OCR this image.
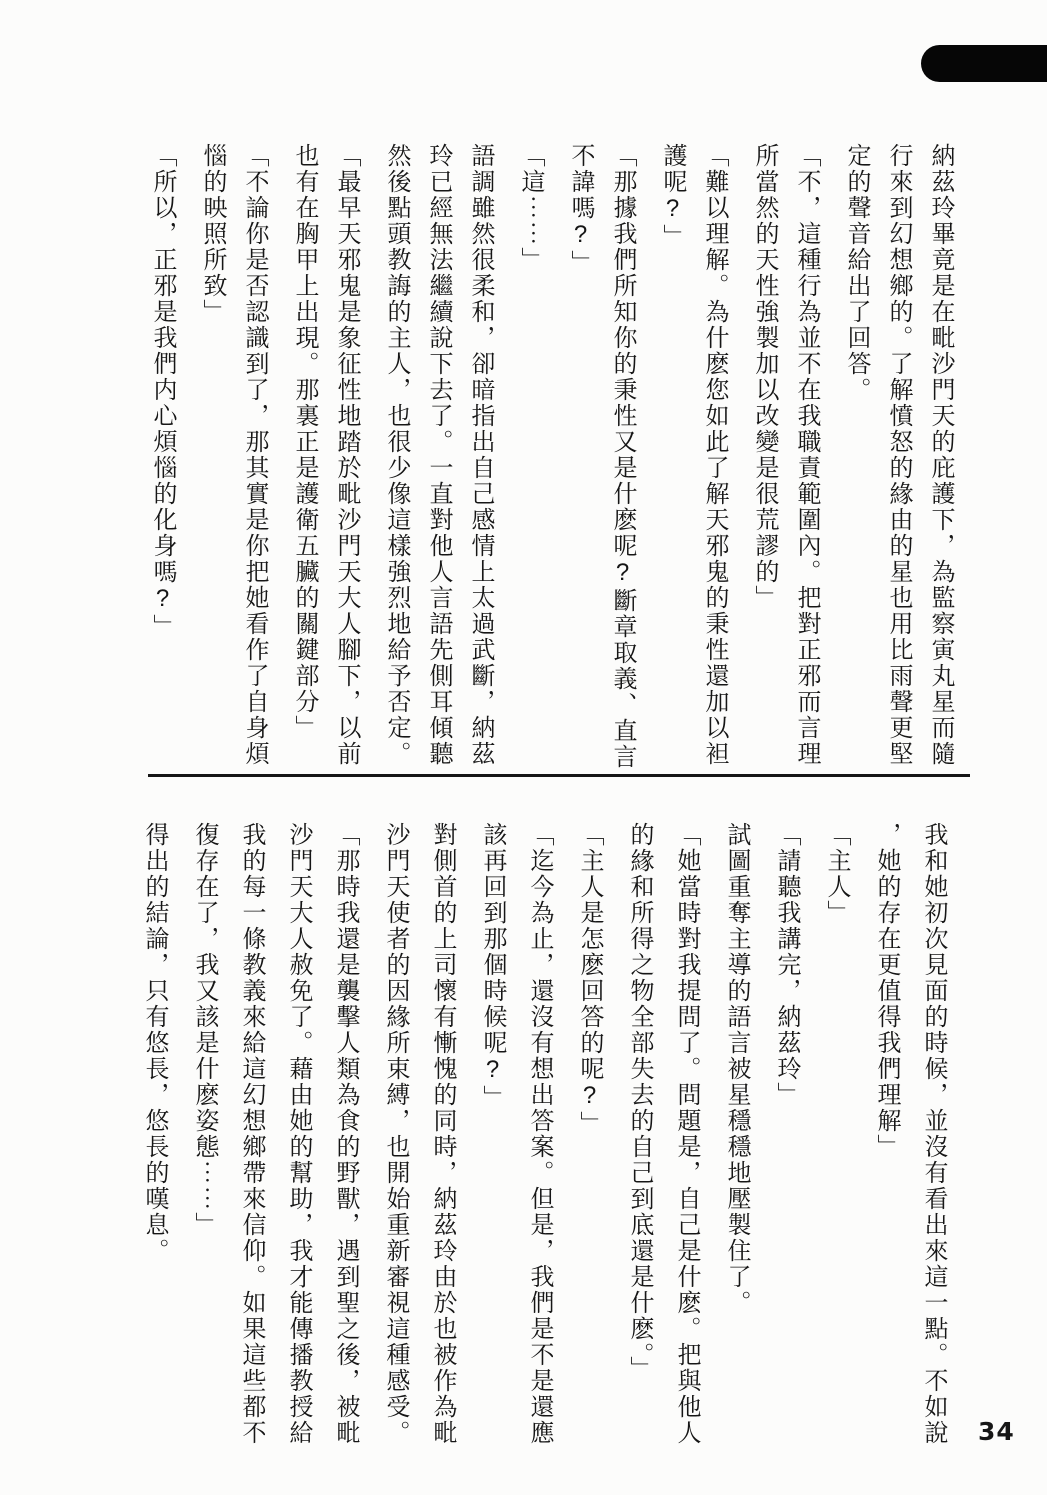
納茲玲畢竟是在毗沙門天的庇護下，為監察寅丸星而隨
行來到幻想鄉的。了解憤怒的緣由的星也用比雨聲更堅
定的聲音給出了回答。
「不，這種行為並不在我職責範圍內。把對正邪而言理
所當然的天性強製加以改變是很荒謬的」
「難以理解。為什麽您如此了解天邪鬼的秉性還加以袒
護呢?」
「那據我們所知你的秉性又是什麽呢?斷章取義、直言
不諱嗎?」
「這⋯⋯」
語調雖然很柔和，卻暗指出自己感情上太過武斷，納茲
玲已經無法繼續說下去了。一直對他人言語先側耳傾聽
然後點頭教誨的主人，也很少像這樣強烈地給予否定。
「最早天邪鬼是象征性地踏於毗沙門天大人腳下，以前
也有在胸甲上出現。那裏正是護衛五臟的關鍵部分」
「不論你是否認識到了，那其實是你把她看作了自身煩
惱的映照所致」
「所以，正邪是我們内心煩惱的化身嗎?」
我和她初次見面的時候，並沒有看出來這一點。不如說
，她的存在更值得我們理解」
「主人」
「請聽我講完，納茲玲」
試圖重奪主導的語言被星穩穩地壓製住了。
「她當時對我提問了。問題是，自己是什麽。把與他人
的緣和所得之物全部失去的自己到底還是什麽。」
「主人是怎麽回答的呢?」
「迄今為止，還沒有想出答案。但是，我們是不是還應
該再回到那個時候呢?」
對側首的上司懷有慚愧的同時，納茲玲由於也被作為毗
沙門天使者的因緣所束縛，也開始重新審視這種感受。
「那時我還是襲擊人類為食的野獸，遇到聖之後，被毗
沙門天大人赦免了。藉由她的幫助，我才能傳播教授給
我的每一條教義來給這幻想鄉帶來信仰。如果這些都不
復存在了，我又該是什麽姿態⋯⋯」
得出的結論，只有悠長，悠長的嘆息。
34
